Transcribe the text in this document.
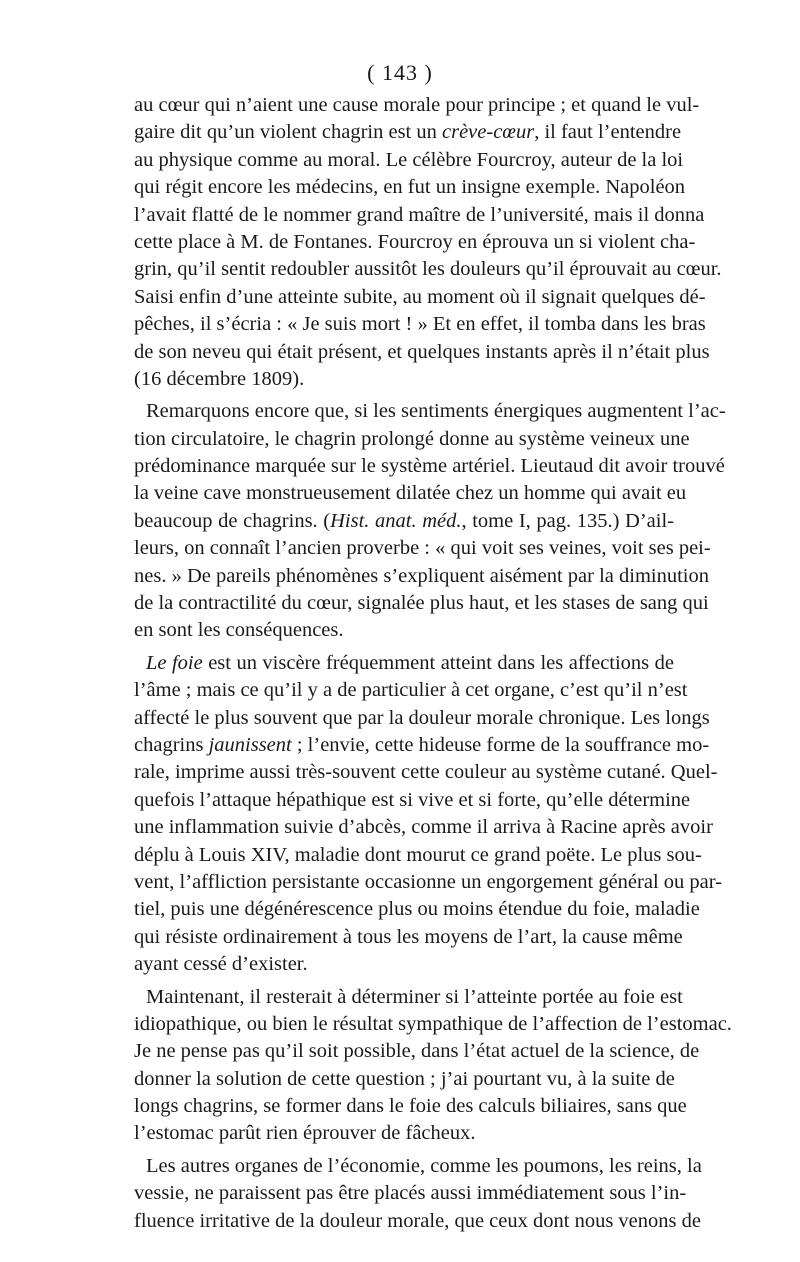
( 143 )
au cœur qui n’aient une cause morale pour principe ; et quand le vul-
gaire dit qu’un violent chagrin est un crève-cœur, il faut l’entendre
au physique comme au moral. Le célèbre Fourcroy, auteur de la loi
qui régit encore les médecins, en fut un insigne exemple. Napoléon
l’avait flatté de le nommer grand maître de l’université, mais il donna
cette place à M. de Fontanes. Fourcroy en éprouva un si violent cha-
grin, qu’il sentit redoubler aussitôt les douleurs qu’il éprouvait au cœur.
Saisi enfin d’une atteinte subite, au moment où il signait quelques dé-
pêches, il s’écria : « Je suis mort ! » Et en effet, il tomba dans les bras
de son neveu qui était présent, et quelques instants après il n’était plus
(16 décembre 1809).
Remarquons encore que, si les sentiments énergiques augmentent l’ac-
tion circulatoire, le chagrin prolongé donne au système veineux une
prédominance marquée sur le système artériel. Lieutaud dit avoir trouvé
la veine cave monstrueusement dilatée chez un homme qui avait eu
beaucoup de chagrins. (Hist. anat. méd., tome I, pag. 135.) D’ail-
leurs, on connaît l’ancien proverbe : « qui voit ses veines, voit ses pei-
nes. » De pareils phénomènes s’expliquent aisément par la diminution
de la contractilité du cœur, signalée plus haut, et les stases de sang qui
en sont les conséquences.
Le foie est un viscère fréquemment atteint dans les affections de
l’âme ; mais ce qu’il y a de particulier à cet organe, c’est qu’il n’est
affecté le plus souvent que par la douleur morale chronique. Les longs
chagrins jaunissent ; l’envie, cette hideuse forme de la souffrance mo-
rale, imprime aussi très-souvent cette couleur au système cutané. Quel-
quefois l’attaque hépathique est si vive et si forte, qu’elle détermine
une inflammation suivie d’abcès, comme il arriva à Racine après avoir
déplu à Louis XIV, maladie dont mourut ce grand poëte. Le plus sou-
vent, l’affliction persistante occasionne un engorgement général ou par-
tiel, puis une dégénérescence plus ou moins étendue du foie, maladie
qui résiste ordinairement à tous les moyens de l’art, la cause même
ayant cessé d’exister.
Maintenant, il resterait à déterminer si l’atteinte portée au foie est
idiopathique, ou bien le résultat sympathique de l’affection de l’estomac.
Je ne pense pas qu’il soit possible, dans l’état actuel de la science, de
donner la solution de cette question ; j’ai pourtant vu, à la suite de
longs chagrins, se former dans le foie des calculs biliaires, sans que
l’estomac parût rien éprouver de fâcheux.
Les autres organes de l’économie, comme les poumons, les reins, la
vessie, ne paraissent pas être placés aussi immédiatement sous l’in-
fluence irritative de la douleur morale, que ceux dont nous venons de
